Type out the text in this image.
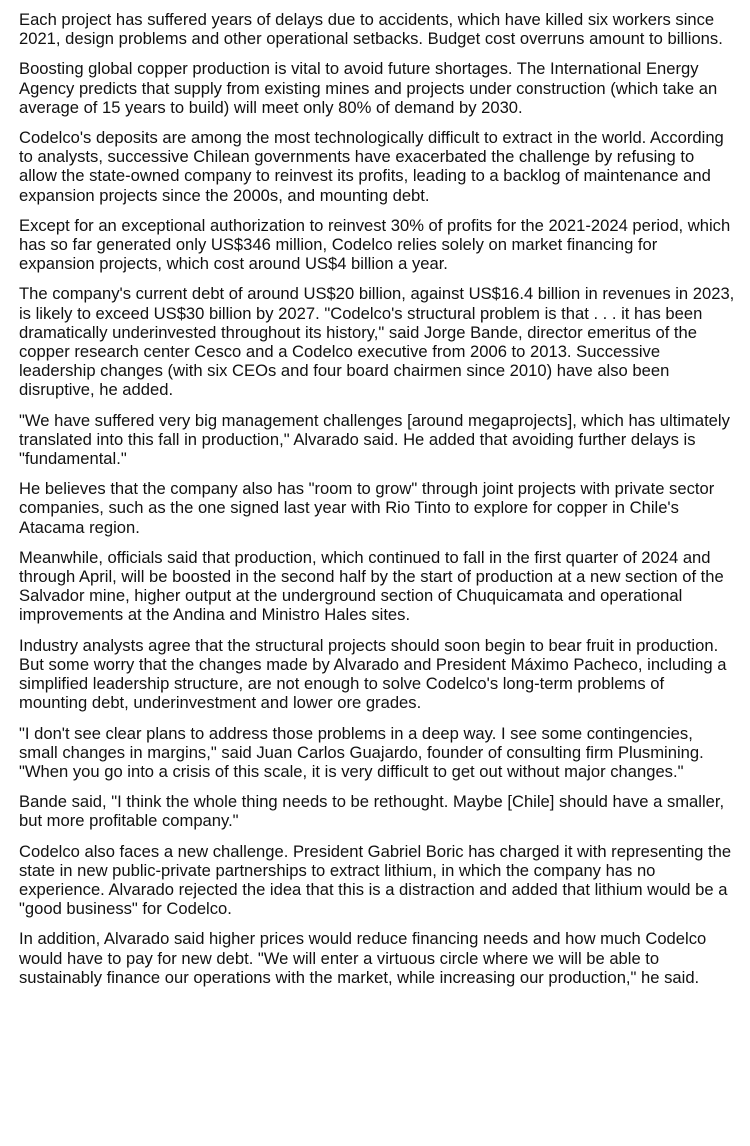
Each project has suffered years of delays due to accidents, which have killed six workers since 2021, design problems and other operational setbacks. Budget cost overruns amount to billions.

Boosting global copper production is vital to avoid future shortages. The International Energy Agency predicts that supply from existing mines and projects under construction (which take an average of 15 years to build) will meet only 80% of demand by 2030.

Codelco's deposits are among the most technologically difficult to extract in the world. According to analysts, successive Chilean governments have exacerbated the challenge by refusing to allow the state-owned company to reinvest its profits, leading to a backlog of maintenance and expansion projects since the 2000s, and mounting debt.

Except for an exceptional authorization to reinvest 30% of profits for the 2021-2024 period, which has so far generated only US$346 million, Codelco relies solely on market financing for expansion projects, which cost around US$4 billion a year.

The company's current debt of around US$20 billion, against US$16.4 billion in revenues in 2023, is likely to exceed US$30 billion by 2027. "Codelco's structural problem is that . . . it has been dramatically underinvested throughout its history," said Jorge Bande, director emeritus of the copper research center Cesco and a Codelco executive from 2006 to 2013. Successive leadership changes (with six CEOs and four board chairmen since 2010) have also been disruptive, he added.

"We have suffered very big management challenges [around megaprojects], which has ultimately translated into this fall in production," Alvarado said. He added that avoiding further delays is "fundamental."

He believes that the company also has "room to grow" through joint projects with private sector companies, such as the one signed last year with Rio Tinto to explore for copper in Chile's Atacama region.

Meanwhile, officials said that production, which continued to fall in the first quarter of 2024 and through April, will be boosted in the second half by the start of production at a new section of the Salvador mine, higher output at the underground section of Chuquicamata and operational improvements at the Andina and Ministro Hales sites.

Industry analysts agree that the structural projects should soon begin to bear fruit in production. But some worry that the changes made by Alvarado and President Máximo Pacheco, including a simplified leadership structure, are not enough to solve Codelco's long-term problems of mounting debt, underinvestment and lower ore grades.

"I don't see clear plans to address those problems in a deep way. I see some contingencies, small changes in margins," said Juan Carlos Guajardo, founder of consulting firm Plusmining. "When you go into a crisis of this scale, it is very difficult to get out without major changes."

Bande said, "I think the whole thing needs to be rethought. Maybe [Chile] should have a smaller, but more profitable company."

Codelco also faces a new challenge. President Gabriel Boric has charged it with representing the state in new public-private partnerships to extract lithium, in which the company has no experience. Alvarado rejected the idea that this is a distraction and added that lithium would be a "good business" for Codelco.

In addition, Alvarado said higher prices would reduce financing needs and how much Codelco would have to pay for new debt. "We will enter a virtuous circle where we will be able to sustainably finance our operations with the market, while increasing our production," he said.
